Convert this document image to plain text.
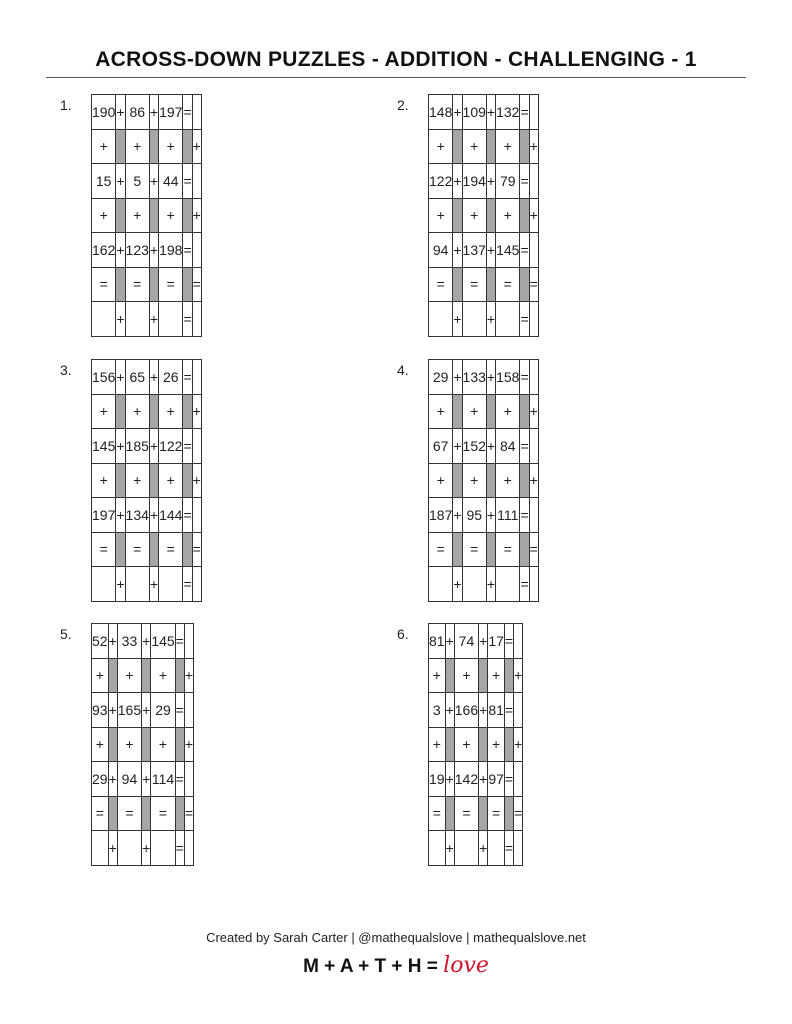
ACROSS-DOWN PUZZLES - ADDITION - CHALLENGING - 1
1. 190	+	86	+	197	=	
+		+		+		+
15	+	5	+	44	=	
+		+		+		+
162	+	123	+	198	=	
=		=		=		=
	+		+		=	
2. 148	+	109	+	132	=	
+		+		+		+
122	+	194	+	79	=	
+		+		+		+
94	+	137	+	145	=	
=		=		=		=
	+		+		=	
3. 156	+	65	+	26	=	
+		+		+		+
145	+	185	+	122	=	
+		+		+		+
197	+	134	+	144	=	
=		=		=		=
	+		+		=	
4. 29	+	133	+	158	=	
+		+		+		+
67	+	152	+	84	=	
+		+		+		+
187	+	95	+	111	=	
=		=		=		=
	+		+		=	
5. 52	+	33	+	145	=	
+		+		+		+
93	+	165	+	29	=	
+		+		+		+
29	+	94	+	114	=	
=		=		=		=
	+		+		=	
6. 81	+	74	+	17	=	
+		+		+		+
3	+	166	+	81	=	
+		+		+		+
19	+	142	+	97	=	
=		=		=		=
	+		+		=	
Created by Sarah Carter | @mathequalslove | mathequalslove.net
M + A + T + H = love
